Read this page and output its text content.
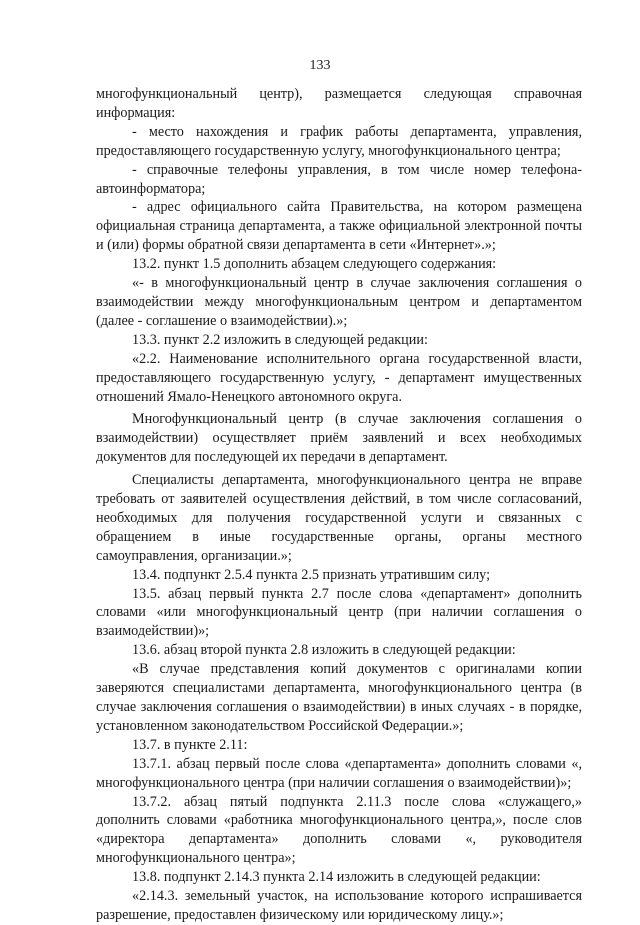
133

многофункциональный центр), размещается следующая справочная информация:

- место нахождения и график работы департамента, управления, предоставляющего государственную услугу, многофункционального центра;

- справочные телефоны управления, в том числе номер телефона-автоинформатора;

- адрес официального сайта Правительства, на котором размещена официальная страница департамента, а также официальной электронной почты и (или) формы обратной связи департамента в сети «Интернет».»;

13.2. пункт 1.5 дополнить абзацем следующего содержания:

«- в многофункциональный центр в случае заключения соглашения о взаимодействии между многофункциональным центром и департаментом (далее - соглашение о взаимодействии).»;

13.3. пункт 2.2 изложить в следующей редакции:

«2.2. Наименование исполнительного органа государственной власти, предоставляющего государственную услугу, - департамент имущественных отношений Ямало-Ненецкого автономного округа.

Многофункциональный центр (в случае заключения соглашения о взаимодействии) осуществляет приём заявлений и всех необходимых документов для последующей их передачи в департамент.

Специалисты департамента, многофункционального центра не вправе требовать от заявителей осуществления действий, в том числе согласований, необходимых для получения государственной услуги и связанных с обращением в иные государственные органы, органы местного самоуправления, организации.»;

13.4. подпункт 2.5.4 пункта 2.5 признать утратившим силу;

13.5. абзац первый пункта 2.7 после слова «департамент» дополнить словами «или многофункциональный центр (при наличии соглашения о взаимодействии)»;

13.6. абзац второй пункта 2.8 изложить в следующей редакции:

«В случае представления копий документов с оригиналами копии заверяются специалистами департамента, многофункционального центра (в случае заключения соглашения о взаимодействии) в иных случаях - в порядке, установленном законодательством Российской Федерации.»;

13.7. в пункте 2.11:

13.7.1. абзац первый после слова «департамента» дополнить словами «, многофункционального центра (при наличии соглашения о взаимодействии)»;

13.7.2. абзац пятый подпункта 2.11.3 после слова «служащего,» дополнить словами «работника многофункционального центра,», после слов «директора департамента» дополнить словами «, руководителя многофункционального центра»;

13.8. подпункт 2.14.3 пункта 2.14 изложить в следующей редакции:

«2.14.3. земельный участок, на использование которого испрашивается разрешение, предоставлен физическому или юридическому лицу.»;
